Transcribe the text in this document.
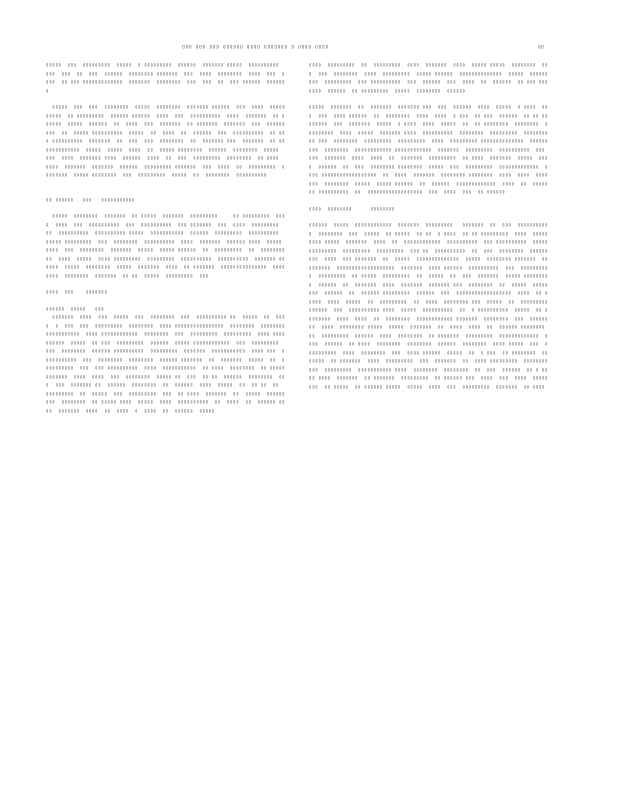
▯▯▯ ▯▯▯ ▯▯▯ ▯▯▯▯▯▯ ▯▯▯▯ ▯▯▯▯▯▯▯ ▯ ▯▯▯▯ ▯▯▯▯	▯▯

▯▯▯▯▯  ▯▯▯  ▯▯▯▯▯▯▯▯▯  ▯▯▯▯▯  ▯ ▯▯▯▯▯▯▯▯▯  ▯▯▯▯▯▯  ▯▯▯▯▯▯▯ ▯▯▯▯▯  ▯▯▯▯▯▯▯▯▯▯  ▯▯▯  ▯▯▯  ▯▯  ▯▯▯  ▯▯▯▯▯▯  ▯▯▯▯▯▯▯▯ ▯▯▯▯▯▯▯  ▯▯▯  ▯▯▯▯  ▯▯▯▯▯▯▯▯  ▯▯▯▯  ▯▯▯  ▯▯▯▯  ▯▯ ▯▯▯ ▯▯▯▯▯▯▯▯▯▯▯▯▯  ▯▯▯▯▯▯▯  ▯▯▯▯▯▯▯▯  ▯▯▯  ▯▯▯  ▯▯  ▯▯▯ ▯▯▯▯▯▯  ▯▯▯▯▯▯▯

▯▯▯▯▯  ▯▯▯  ▯▯▯  ▯▯▯▯▯▯▯▯  ▯▯▯▯▯  ▯▯▯▯▯▯▯▯  ▯▯▯▯▯▯▯ ▯▯▯▯▯▯  ▯▯▯  ▯▯▯▯  ▯▯▯▯▯▯▯▯▯▯  ▯▯ ▯▯▯▯▯▯▯▯▯  ▯▯▯▯▯▯ ▯▯▯▯▯▯  ▯▯▯▯  ▯▯▯  ▯▯▯▯▯▯▯▯▯▯  ▯▯▯▯  ▯▯▯▯▯▯▯  ▯▯ ▯▯▯▯▯▯  ▯▯▯▯▯  ▯▯▯▯▯▯  ▯▯  ▯▯▯▯  ▯▯▯  ▯▯▯▯▯▯▯  ▯▯ ▯▯▯▯▯▯▯  ▯▯▯▯▯▯▯  ▯▯▯  ▯▯▯▯▯▯  ▯▯▯  ▯▯  ▯▯▯▯▯ ▯▯▯▯▯▯▯▯▯▯  ▯▯▯▯▯  ▯▯  ▯▯▯▯  ▯▯  ▯▯▯▯▯▯  ▯▯▯  ▯▯▯▯▯▯▯▯▯▯  ▯▯ ▯▯▯ ▯▯▯▯▯▯▯▯▯▯  ▯▯▯▯▯▯▯  ▯▯  ▯▯▯  ▯▯▯  ▯▯▯▯▯▯▯▯  ▯▯  ▯▯▯▯▯▯▯ ▯▯▯  ▯▯▯▯▯▯▯  ▯▯ ▯▯▯▯▯▯▯▯▯▯▯▯▯  ▯▯▯▯▯  ▯▯▯▯▯  ▯▯▯▯  ▯▯  ▯▯▯▯▯ ▯▯▯▯▯▯▯▯  ▯▯▯▯▯▯  ▯▯▯▯▯▯▯▯  ▯▯▯▯▯  ▯▯▯  ▯▯▯▯  ▯▯▯▯▯▯▯ ▯▯▯▯  ▯▯▯▯▯▯  ▯▯▯▯  ▯▯  ▯▯▯  ▯▯▯▯▯▯▯▯▯  ▯▯▯▯▯▯▯▯  ▯▯ ▯▯▯▯  ▯▯▯▯  ▯▯▯▯▯▯▯  ▯▯▯▯▯▯▯  ▯▯▯▯▯▯  ▯▯▯▯▯▯▯▯▯ ▯▯▯▯▯▯▯  ▯▯▯  ▯▯▯▯  ▯▯  ▯▯▯▯▯▯▯▯▯  ▯▯▯▯▯▯▯▯  ▯▯▯▯▯ ▯▯▯▯▯▯▯▯  ▯▯▯  ▯▯▯▯▯▯▯▯▯  ▯▯▯▯▯  ▯▯  ▯▯▯▯▯▯▯▯  ▯▯▯▯▯▯▯▯▯▯

▯▯ ▯▯▯▯▯▯   ▯▯▯   ▯▯▯▯▯▯▯▯▯▯▯

▯▯▯▯▯  ▯▯▯▯▯▯▯▯  ▯▯▯▯▯▯▯  ▯▯ ▯▯▯▯▯  ▯▯▯▯▯▯▯  ▯▯▯▯▯▯▯▯▯     ▯▯ ▯▯▯▯▯▯▯▯▯  ▯▯▯▯  ▯▯▯▯  ▯▯▯  ▯▯▯▯▯▯▯▯▯▯  ▯▯▯  ▯▯▯▯▯▯▯▯▯▯  ▯▯▯ ▯▯▯▯▯▯▯  ▯▯▯  ▯▯▯▯  ▯▯▯▯▯▯▯▯▯  ▯▯  ▯▯▯▯▯▯▯▯▯▯  ▯▯▯▯▯▯▯▯▯▯ ▯▯▯▯▯  ▯▯▯▯▯▯▯▯▯▯▯  ▯▯▯▯▯▯  ▯▯▯▯▯▯▯▯▯  ▯▯▯▯▯▯▯▯▯▯  ▯▯▯▯▯ ▯▯▯▯▯▯▯▯▯  ▯▯▯  ▯▯▯▯▯▯▯▯  ▯▯▯▯▯▯▯▯▯▯  ▯▯▯▯  ▯▯▯▯▯▯▯  ▯▯▯▯▯▯ ▯▯▯▯  ▯▯▯▯▯  ▯▯▯▯  ▯▯▯  ▯▯▯▯▯▯▯▯  ▯▯▯▯▯▯▯  ▯▯▯▯▯  ▯▯▯▯▯ ▯▯▯▯▯▯  ▯▯  ▯▯▯▯▯▯▯▯▯  ▯▯  ▯▯▯▯▯▯▯▯▯▯  ▯▯▯▯  ▯▯▯▯▯  ▯▯▯▯ ▯▯▯▯▯▯▯▯▯  ▯▯▯▯▯▯▯▯▯  ▯▯▯▯▯▯▯▯▯▯  ▯▯▯▯▯▯▯▯▯▯  ▯▯▯▯▯▯▯ ▯▯▯▯▯▯  ▯▯▯▯▯  ▯▯▯▯▯▯▯▯  ▯▯▯▯▯  ▯▯▯▯▯▯▯  ▯▯▯▯  ▯▯ ▯▯▯▯▯▯▯  ▯▯▯▯▯▯▯▯▯▯▯▯▯▯▯  ▯▯▯▯▯▯▯▯  ▯▯▯▯▯▯▯▯  ▯▯▯▯▯▯▯  ▯▯ ▯▯  ▯▯▯▯▯  ▯▯▯▯▯▯▯▯▯  ▯▯▯

▯▯▯▯  ▯▯▯    ▯▯▯▯▯▯▯

▯▯▯▯▯▯  ▯▯▯▯▯   ▯▯▯

▯▯▯▯▯▯▯  ▯▯▯▯  ▯▯▯  ▯▯▯▯▯  ▯▯▯  ▯▯▯▯▯▯▯▯  ▯▯▯  ▯▯▯▯▯▯▯▯▯▯ ▯▯  ▯▯▯▯▯  ▯▯  ▯▯▯▯  ▯  ▯▯▯  ▯▯▯  ▯▯▯▯▯▯▯▯▯  ▯▯▯▯▯▯▯▯  ▯▯▯▯ ▯▯▯▯▯▯▯▯▯▯▯▯▯▯▯▯  ▯▯▯▯▯▯▯▯  ▯▯▯▯▯▯▯▯▯▯▯▯▯▯▯▯▯▯▯  ▯▯▯▯ ▯▯▯▯▯▯▯▯▯▯▯▯  ▯▯▯▯▯▯▯▯  ▯▯▯  ▯▯▯▯▯▯▯▯▯  ▯▯▯▯▯▯▯▯▯  ▯▯▯▯ ▯▯▯▯▯▯▯▯▯▯  ▯▯▯▯▯  ▯▯ ▯▯▯  ▯▯▯▯▯▯▯▯▯  ▯▯▯▯▯▯  ▯▯▯▯▯ ▯▯▯▯▯▯▯▯▯▯▯▯  ▯▯▯  ▯▯▯▯▯▯▯▯▯  ▯▯▯  ▯▯▯▯▯▯▯▯  ▯▯▯▯▯▯ ▯▯▯▯▯▯▯▯▯▯  ▯▯▯▯▯▯▯▯▯  ▯▯▯▯▯▯▯  ▯▯▯▯▯▯▯▯▯▯▯  ▯▯▯▯ ▯▯▯  ▯▯▯▯▯▯▯▯▯▯▯  ▯▯▯  ▯▯▯▯▯▯▯▯  ▯▯▯▯▯▯▯▯  ▯▯▯▯▯▯ ▯▯▯▯▯▯▯  ▯▯  ▯▯▯▯▯▯▯  ▯▯▯▯▯  ▯▯  ▯▯▯▯▯▯▯▯▯▯  ▯▯▯  ▯▯▯ ▯▯▯▯▯▯▯▯▯▯  ▯▯▯▯  ▯▯▯▯▯▯▯▯▯▯▯  ▯▯ ▯▯▯▯  ▯▯▯▯▯▯▯▯  ▯▯ ▯▯▯▯▯  ▯▯▯▯▯▯▯  ▯▯▯▯  ▯▯▯▯  ▯▯▯  ▯▯▯▯▯▯▯▯  ▯▯▯▯▯ ▯▯  ▯▯▯  ▯▯ ▯▯  ▯▯▯▯▯▯  ▯▯▯▯▯▯▯▯  ▯▯▯  ▯▯▯  ▯▯▯▯▯▯▯ ▯▯  ▯▯▯▯▯▯  ▯▯▯▯▯▯▯▯  ▯▯  ▯▯▯▯▯▯  ▯▯▯▯  ▯▯▯▯▯  ▯▯  ▯▯ ▯▯  ▯▯  ▯▯▯▯▯▯▯▯▯  ▯▯  ▯▯▯▯▯  ▯▯▯  ▯▯▯▯▯▯▯▯▯  ▯▯▯  ▯▯ ▯▯▯▯  ▯▯▯▯▯▯▯  ▯▯  ▯▯▯▯▯  ▯▯▯▯▯▯▯▯▯  ▯▯▯▯▯▯▯▯  ▯▯ ▯▯▯▯▯ ▯▯▯▯  ▯▯▯▯▯  ▯▯▯▯  ▯▯▯▯▯▯▯▯▯▯  ▯▯  ▯▯▯▯  ▯▯  ▯▯▯▯▯▯ ▯▯▯▯  ▯▯▯▯▯▯▯  ▯▯▯▯  ▯▯  ▯▯▯▯  ▯  ▯▯▯▯  ▯▯  ▯▯▯▯▯▯  ▯▯▯▯▯

▯▯▯▯  ▯▯▯▯▯▯▯▯▯  ▯▯  ▯▯▯▯▯▯▯▯▯  ▯▯▯▯  ▯▯▯▯▯▯▯  ▯▯▯▯  ▯▯▯▯▯ ▯▯▯▯▯  ▯▯▯▯▯▯▯▯  ▯▯▯  ▯▯▯  ▯▯▯▯▯▯▯▯  ▯▯▯▯  ▯▯▯▯▯▯▯▯▯  ▯▯▯▯▯ ▯▯▯▯▯▯  ▯▯▯▯▯▯▯▯▯▯▯▯▯▯  ▯▯▯▯▯  ▯▯▯▯▯▯▯▯▯  ▯▯▯▯▯▯▯▯▯  ▯▯▯ ▯▯▯▯▯▯▯▯▯▯  ▯▯▯  ▯▯▯▯▯▯  ▯▯▯  ▯▯▯▯  ▯▯  ▯▯▯▯▯▯  ▯▯ ▯▯▯ ▯▯▯▯▯▯▯  ▯▯▯▯▯▯  ▯▯ ▯▯▯▯▯▯▯▯▯  ▯▯▯▯▯  ▯▯▯▯▯▯▯▯  ▯▯▯▯▯▯

▯▯▯▯▯  ▯▯▯▯▯▯▯  ▯▯  ▯▯▯▯▯▯▯  ▯▯▯▯▯▯▯ ▯▯▯  ▯▯▯  ▯▯▯▯▯▯  ▯▯▯▯  ▯▯▯▯▯  ▯ ▯▯▯▯  ▯▯▯  ▯▯▯  ▯▯▯▯ ▯▯▯▯▯▯  ▯▯  ▯▯▯▯▯▯▯▯  ▯▯▯▯  ▯▯▯▯  ▯ ▯▯▯  ▯▯ ▯▯▯  ▯▯▯▯▯▯  ▯▯ ▯▯ ▯▯▯▯▯▯▯▯  ▯▯▯  ▯▯▯▯▯▯▯  ▯▯▯▯▯  ▯ ▯▯▯▯  ▯▯▯▯  ▯▯▯▯▯  ▯▯  ▯▯ ▯▯▯▯▯▯▯▯  ▯▯▯▯▯▯▯▯  ▯▯▯▯▯▯▯▯▯  ▯▯▯▯  ▯▯▯▯▯  ▯▯▯▯▯▯▯ ▯▯▯▯  ▯▯▯▯▯▯▯▯▯▯  ▯▯▯▯▯▯▯▯  ▯▯▯▯▯▯▯▯▯  ▯▯▯▯▯▯▯▯▯▯ ▯▯▯  ▯▯▯▯▯▯▯▯  ▯▯▯▯▯▯▯▯▯  ▯▯▯▯▯▯▯▯▯  ▯▯▯▯  ▯▯▯▯▯▯▯▯▯ ▯▯▯▯▯▯▯▯▯▯▯▯▯▯  ▯▯▯▯▯▯▯▯▯  ▯▯▯▯▯▯▯▯  ▯▯▯▯▯▯▯▯▯▯▯▯ ▯▯▯▯▯▯▯▯▯▯▯▯  ▯▯▯▯▯▯▯  ▯▯▯▯▯▯▯▯▯  ▯▯▯▯▯▯▯▯▯▯  ▯▯▯ ▯▯▯  ▯▯▯▯▯▯▯  ▯▯▯▯  ▯▯▯▯  ▯▯  ▯▯▯▯▯▯▯  ▯▯▯▯▯▯▯▯▯  ▯▯ ▯▯▯▯  ▯▯▯▯▯▯▯  ▯▯▯▯▯  ▯▯▯▯  ▯▯▯▯▯▯  ▯▯  ▯▯▯  ▯▯▯▯▯▯▯▯ ▯▯▯▯▯▯▯▯  ▯▯▯▯▯  ▯▯▯  ▯▯▯▯▯▯▯▯▯  ▯▯▯▯▯▯▯▯▯▯▯▯▯  ▯▯▯▯ ▯▯▯▯▯▯▯▯▯▯▯▯▯▯▯▯▯▯  ▯▯  ▯▯▯▯  ▯▯▯▯▯▯▯  ▯▯▯▯▯▯▯▯ ▯▯▯▯▯▯▯▯  ▯▯▯▯  ▯▯▯▯  ▯▯▯▯  ▯▯▯  ▯▯▯▯▯▯▯▯  ▯▯▯▯▯  ▯▯▯▯▯ ▯▯▯▯▯▯  ▯▯  ▯▯▯▯▯▯  ▯▯▯▯▯▯▯▯▯▯▯▯▯  ▯▯▯▯  ▯▯  ▯▯▯▯▯▯▯ ▯▯▯▯▯▯▯▯▯▯  ▯▯  ▯▯▯▯▯▯▯▯▯▯▯▯▯▯▯▯▯▯  ▯▯▯  ▯▯▯▯  ▯▯▯  ▯▯ ▯▯▯▯▯▯

▯▯▯▯  ▯▯▯▯▯▯▯▯      ▯▯▯▯▯▯▯▯

▯▯▯▯▯▯  ▯▯▯▯▯  ▯▯▯▯▯▯▯▯▯▯▯▯  ▯▯▯▯▯▯▯  ▯▯▯▯▯▯▯▯▯   ▯▯▯▯▯▯▯  ▯▯  ▯▯▯  ▯▯▯▯▯▯▯▯▯▯▯  ▯▯▯▯▯▯▯▯  ▯▯▯  ▯▯▯▯▯  ▯▯ ▯▯▯▯▯  ▯▯ ▯▯  ▯ ▯▯▯▯  ▯▯ ▯▯ ▯▯▯▯▯▯▯▯▯  ▯▯▯▯  ▯▯▯▯▯▯▯▯▯ ▯▯▯▯▯  ▯▯▯▯▯▯▯  ▯▯▯▯  ▯▯  ▯▯▯▯▯▯▯▯▯▯▯▯  ▯▯▯▯▯▯▯▯▯▯  ▯▯▯ ▯▯▯▯▯▯▯▯▯▯  ▯▯▯▯▯▯▯▯▯▯▯▯▯▯  ▯▯▯▯▯▯▯▯▯  ▯▯▯▯▯▯▯▯▯  ▯▯▯ ▯▯  ▯▯▯▯▯▯▯▯▯▯  ▯▯  ▯▯▯  ▯▯▯▯▯▯▯▯  ▯▯▯▯▯▯▯▯▯  ▯▯▯▯  ▯▯▯ ▯▯▯▯▯▯▯  ▯▯  ▯▯▯▯▯  ▯▯▯▯▯▯▯▯▯▯▯▯▯▯  ▯▯▯▯▯  ▯▯▯▯▯▯▯▯ ▯▯▯▯▯▯▯  ▯▯▯▯▯▯▯▯▯  ▯▯▯▯▯▯▯▯▯▯▯▯▯▯▯▯▯▯▯  ▯▯▯▯▯▯▯  ▯▯▯▯ ▯▯▯▯▯▯  ▯▯▯▯▯▯▯▯▯▯  ▯▯▯  ▯▯▯▯▯▯▯▯▯▯  ▯▯▯▯▯▯▯▯▯  ▯▯ ▯▯▯▯▯  ▯▯▯▯▯▯▯▯▯  ▯▯  ▯▯▯▯▯  ▯▯  ▯▯▯  ▯▯▯▯▯▯▯  ▯▯▯▯▯ ▯▯▯▯▯▯▯▯▯  ▯▯▯▯▯▯  ▯▯  ▯▯▯▯▯▯▯  ▯▯▯▯  ▯▯▯▯▯▯▯  ▯▯▯▯▯▯▯ ▯▯▯  ▯▯▯▯▯▯▯▯  ▯▯  ▯▯▯▯▯  ▯▯▯▯▯▯▯▯  ▯▯▯▯▯▯  ▯▯  ▯▯▯▯▯▯ ▯▯▯▯▯▯▯▯▯  ▯▯▯▯▯▯  ▯▯▯  ▯▯▯▯▯▯▯▯▯▯▯▯▯▯▯▯▯▯  ▯▯▯▯  ▯▯ ▯▯▯▯▯  ▯▯▯▯  ▯▯▯▯▯  ▯▯  ▯▯▯▯▯▯▯▯▯  ▯▯  ▯▯▯▯  ▯▯▯▯▯▯▯▯ ▯▯▯  ▯▯▯▯▯  ▯▯  ▯▯▯▯▯▯▯▯▯  ▯▯▯▯▯▯  ▯▯▯  ▯▯▯▯▯▯▯▯▯▯ ▯▯▯▯  ▯▯▯▯▯  ▯▯▯▯▯▯▯▯▯▯  ▯▯  ▯ ▯▯▯▯▯▯▯▯▯▯  ▯▯▯▯▯  ▯▯ ▯▯▯▯▯▯▯▯  ▯▯▯▯  ▯▯▯▯  ▯▯  ▯▯▯▯▯▯▯▯  ▯▯▯▯▯▯▯▯▯▯▯▯ ▯▯▯▯▯▯▯  ▯▯▯▯▯▯▯▯  ▯▯▯  ▯▯▯▯▯▯▯▯  ▯▯▯▯  ▯▯▯▯▯▯▯▯ ▯▯▯▯▯  ▯▯▯▯▯  ▯▯▯▯▯▯▯  ▯▯  ▯▯▯▯  ▯▯▯▯  ▯▯  ▯▯▯▯▯▯ ▯▯▯▯▯▯▯▯  ▯▯  ▯▯▯▯▯▯▯▯▯  ▯▯▯▯▯▯  ▯▯▯▯  ▯▯▯▯▯▯▯▯  ▯▯ ▯▯▯▯▯▯▯  ▯▯▯▯▯▯▯▯▯  ▯▯▯▯▯▯▯▯▯▯▯▯▯  ▯▯▯▯  ▯▯▯▯▯▯  ▯▯ ▯▯▯▯  ▯▯▯▯▯▯▯▯  ▯▯▯▯▯▯▯▯  ▯▯▯▯▯▯  ▯▯▯▯▯▯▯▯  ▯▯▯▯ ▯▯▯▯▯  ▯▯▯  ▯▯▯▯▯▯▯▯▯▯  ▯▯▯▯  ▯▯▯▯▯▯▯▯  ▯▯▯  ▯▯▯▯ ▯▯▯▯▯▯  ▯▯▯▯▯  ▯▯  ▯ ▯▯▯  ▯▯ ▯▯▯▯▯▯▯▯  ▯▯  ▯▯▯▯▯  ▯▯ ▯▯▯▯▯▯▯  ▯▯▯▯  ▯▯▯▯▯▯▯▯▯  ▯▯▯  ▯▯▯▯▯▯▯  ▯▯  ▯▯▯▯ ▯▯▯▯▯▯▯▯▯  ▯▯▯▯▯▯▯▯  ▯▯▯  ▯▯▯▯▯▯▯▯▯  ▯▯▯▯▯▯▯▯▯▯▯ ▯▯▯▯  ▯▯▯▯▯▯▯▯  ▯▯▯▯▯▯▯▯  ▯▯  ▯▯▯  ▯▯▯▯▯▯  ▯▯ ▯ ▯▯▯▯ ▯▯▯▯  ▯▯▯▯▯▯▯  ▯▯ ▯▯▯▯▯▯▯  ▯▯▯▯▯▯▯▯▯  ▯▯ ▯▯▯▯▯▯ ▯▯▯  ▯▯▯▯  ▯▯▯  ▯▯▯▯  ▯▯▯▯▯▯▯▯  ▯▯ ▯▯▯▯▯  ▯▯ ▯▯▯▯▯▯ ▯▯▯▯▯  ▯▯▯▯▯  ▯▯▯▯  ▯▯▯  ▯▯▯▯▯▯▯▯▯  ▯▯▯▯▯▯▯  ▯▯ ▯▯▯▯
